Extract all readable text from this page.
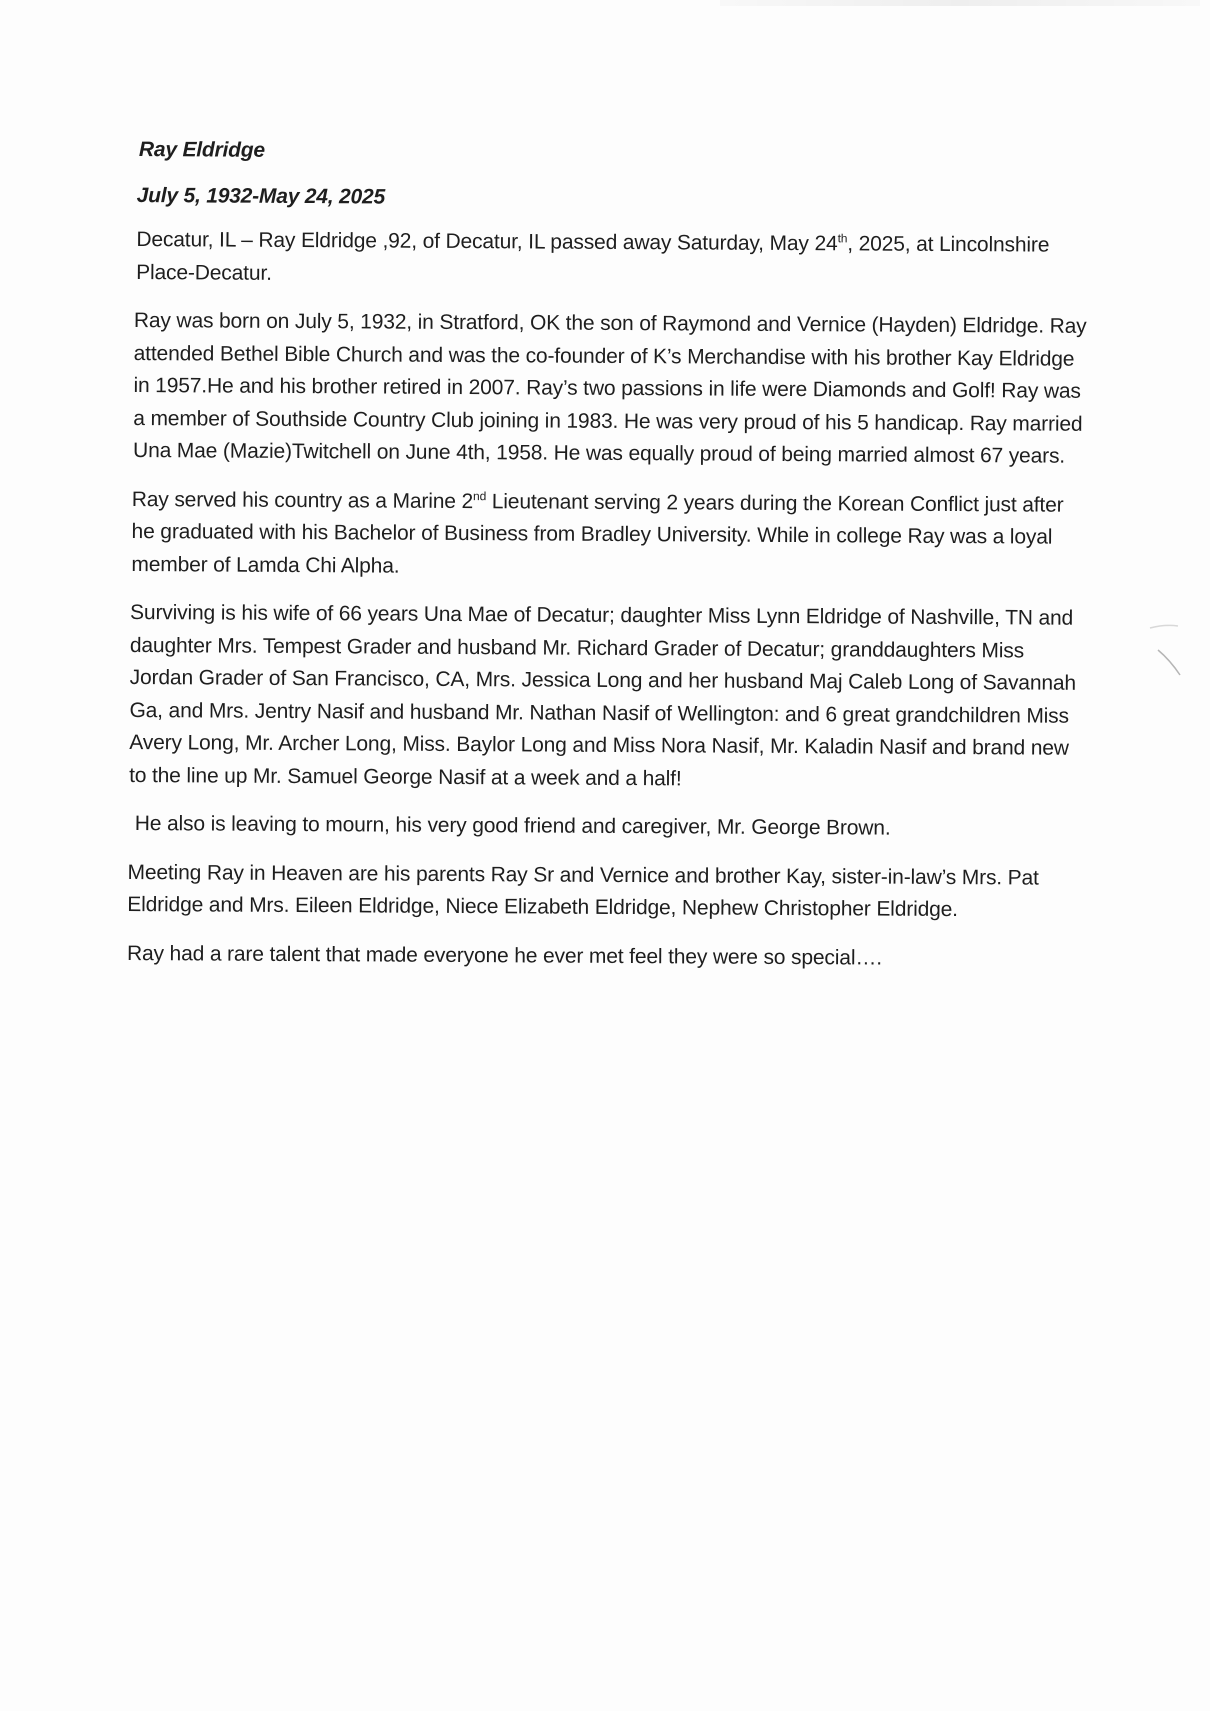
Ray Eldridge
July 5, 1932-May 24, 2025

Decatur, IL – Ray Eldridge ,92, of Decatur, IL passed away Saturday, May 24th, 2025, at Lincolnshire Place-Decatur.

Ray was born on July 5, 1932, in Stratford, OK the son of Raymond and Vernice (Hayden) Eldridge. Ray attended Bethel Bible Church and was the co-founder of K’s Merchandise with his brother Kay Eldridge in 1957.He and his brother retired in 2007. Ray’s two passions in life were Diamonds and Golf! Ray was a member of Southside Country Club joining in 1983. He was very proud of his 5 handicap. Ray married Una Mae (Mazie)Twitchell on June 4th, 1958. He was equally proud of being married almost 67 years.

Ray served his country as a Marine 2nd Lieutenant serving 2 years during the Korean Conflict just after he graduated with his Bachelor of Business from Bradley University. While in college Ray was a loyal member of Lamda Chi Alpha.

Surviving is his wife of 66 years Una Mae of Decatur; daughter Miss Lynn Eldridge of Nashville, TN and daughter Mrs. Tempest Grader and husband Mr. Richard Grader of Decatur; granddaughters Miss Jordan Grader of San Francisco, CA, Mrs. Jessica Long and her husband Maj Caleb Long of Savannah Ga, and Mrs. Jentry Nasif and husband Mr. Nathan Nasif of Wellington: and 6 great grandchildren Miss Avery Long, Mr. Archer Long, Miss. Baylor Long and Miss Nora Nasif, Mr. Kaladin Nasif and brand new to the line up Mr. Samuel George Nasif at a week and a half!

He also is leaving to mourn, his very good friend and caregiver, Mr. George Brown.

Meeting Ray in Heaven are his parents Ray Sr and Vernice and brother Kay, sister-in-law’s Mrs. Pat Eldridge and Mrs. Eileen Eldridge, Niece Elizabeth Eldridge, Nephew Christopher Eldridge.

Ray had a rare talent that made everyone he ever met feel they were so special….
